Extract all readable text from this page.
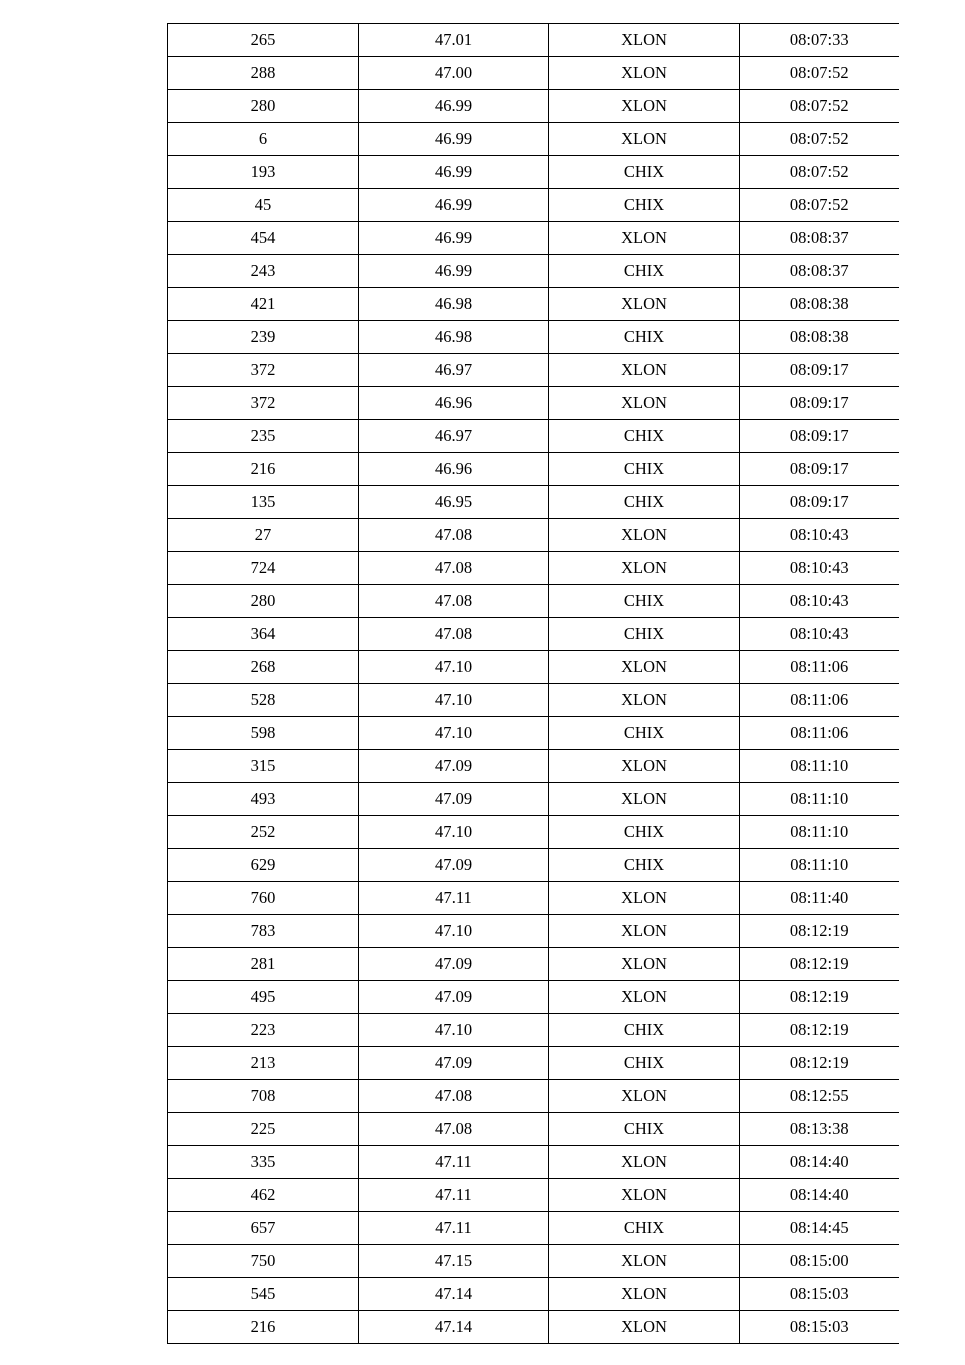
265	47.01	XLON	08:07:33
288	47.00	XLON	08:07:52
280	46.99	XLON	08:07:52
6	46.99	XLON	08:07:52
193	46.99	CHIX	08:07:52
45	46.99	CHIX	08:07:52
454	46.99	XLON	08:08:37
243	46.99	CHIX	08:08:37
421	46.98	XLON	08:08:38
239	46.98	CHIX	08:08:38
372	46.97	XLON	08:09:17
372	46.96	XLON	08:09:17
235	46.97	CHIX	08:09:17
216	46.96	CHIX	08:09:17
135	46.95	CHIX	08:09:17
27	47.08	XLON	08:10:43
724	47.08	XLON	08:10:43
280	47.08	CHIX	08:10:43
364	47.08	CHIX	08:10:43
268	47.10	XLON	08:11:06
528	47.10	XLON	08:11:06
598	47.10	CHIX	08:11:06
315	47.09	XLON	08:11:10
493	47.09	XLON	08:11:10
252	47.10	CHIX	08:11:10
629	47.09	CHIX	08:11:10
760	47.11	XLON	08:11:40
783	47.10	XLON	08:12:19
281	47.09	XLON	08:12:19
495	47.09	XLON	08:12:19
223	47.10	CHIX	08:12:19
213	47.09	CHIX	08:12:19
708	47.08	XLON	08:12:55
225	47.08	CHIX	08:13:38
335	47.11	XLON	08:14:40
462	47.11	XLON	08:14:40
657	47.11	CHIX	08:14:45
750	47.15	XLON	08:15:00
545	47.14	XLON	08:15:03
216	47.14	XLON	08:15:03
